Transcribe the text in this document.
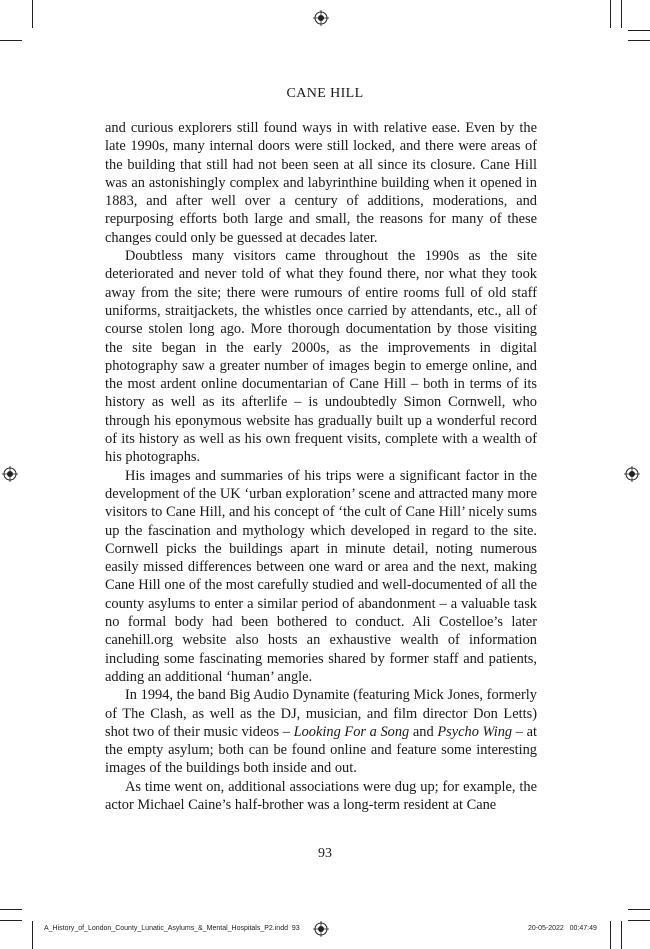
CANE HILL

and curious explorers still found ways in with relative ease. Even by the late 1990s, many internal doors were still locked, and there were areas of the building that still had not been seen at all since its closure. Cane Hill was an astonishingly complex and labyrinthine building when it opened in 1883, and after well over a century of additions, moderations, and repurposing efforts both large and small, the reasons for many of these changes could only be guessed at decades later.

Doubtless many visitors came throughout the 1990s as the site deteriorated and never told of what they found there, nor what they took away from the site; there were rumours of entire rooms full of old staff uniforms, straitjackets, the whistles once carried by attendants, etc., all of course stolen long ago. More thorough documentation by those visiting the site began in the early 2000s, as the improvements in digital photography saw a greater number of images begin to emerge online, and the most ardent online documentarian of Cane Hill – both in terms of its history as well as its afterlife – is undoubtedly Simon Cornwell, who through his eponymous website has gradually built up a wonderful record of its history as well as his own frequent visits, complete with a wealth of his photographs.

His images and summaries of his trips were a significant factor in the development of the UK ‘urban exploration’ scene and attracted many more visitors to Cane Hill, and his concept of ‘the cult of Cane Hill’ nicely sums up the fascination and mythology which developed in regard to the site. Cornwell picks the buildings apart in minute detail, noting numerous easily missed differences between one ward or area and the next, making Cane Hill one of the most carefully studied and well-documented of all the county asylums to enter a similar period of abandonment – a valuable task no formal body had been bothered to conduct. Ali Costelloe’s later canehill.org website also hosts an exhaustive wealth of information including some fascinating memories shared by former staff and patients, adding an additional ‘human’ angle.

In 1994, the band Big Audio Dynamite (featuring Mick Jones, formerly of The Clash, as well as the DJ, musician, and film director Don Letts) shot two of their music videos – Looking For a Song and Psycho Wing – at the empty asylum; both can be found online and feature some interesting images of the buildings both inside and out.

As time went on, additional associations were dug up; for example, the actor Michael Caine’s half-brother was a long-term resident at Cane

93
A_History_of_London_County_Lunatic_Asylums_&_Mental_Hospitals_P2.indd 93	20-05-2022 00:47:49
